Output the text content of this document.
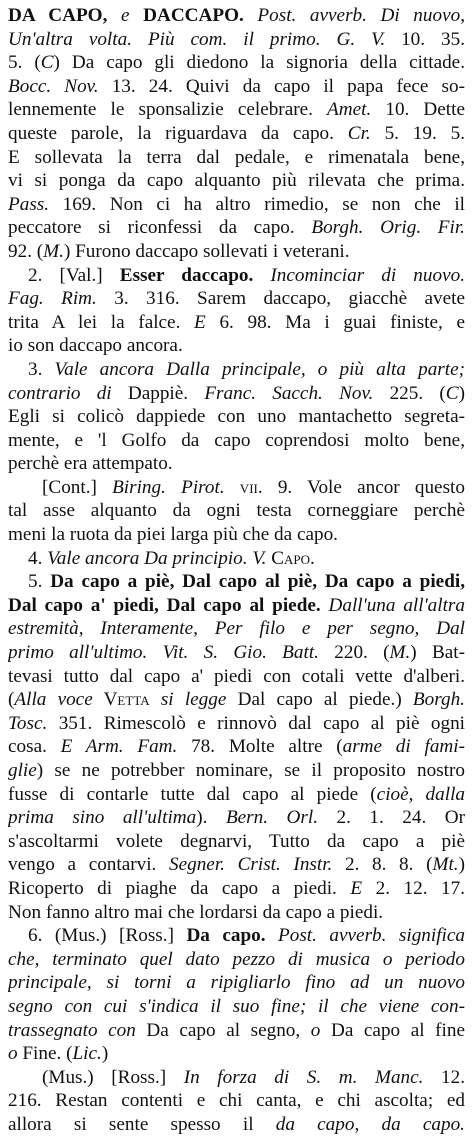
DA CAPO, e DACCAPO. Post. avverb. Di nuovo,
Un'altra volta. Più com. il primo. G. V. 10. 35.
5. (C) Da capo gli diedono la signoria della cittade.
Bocc. Nov. 13. 24. Quivi da capo il papa fece so-
lennemente le sponsalizie celebrare. Amet. 10. Dette
queste parole, la riguardava da capo. Cr. 5. 19. 5.
E sollevata la terra dal pedale, e rimenatala bene,
vi si ponga da capo alquanto più rilevata che prima.
Pass. 169. Non ci ha altro rimedio, se non che il
peccatore si riconfessi da capo. Borgh. Orig. Fir.
92. (M.) Furono daccapo sollevati i veterani.
2. [Val.] Esser daccapo. Incominciar di nuovo.
Fag. Rim. 3. 316. Sarem daccapo, giacchè avete
trita A lei la falce. E 6. 98. Ma i guai finiste, e
io son daccapo ancora.
3. Vale ancora Dalla principale, o più alta parte;
contrario di Dappiè. Franc. Sacch. Nov. 225. (C)
Egli si colicò dappiede con uno mantachetto segreta-
mente, e 'l Golfo da capo coprendosi molto bene,
perchè era attempato.
[Cont.] Biring. Pirot. vii. 9. Vole ancor questo
tal asse alquanto da ogni testa corneggiare perchè
meni la ruota da piei larga più che da capo.
4. Vale ancora Da principio. V. Capo.
5. Da capo a piè, Dal capo al piè, Da capo a piedi,
Dal capo a' piedi, Dal capo al piede. Dall'una all'altra
estremità, Interamente, Per filo e per segno, Dal
primo all'ultimo. Vit. S. Gio. Batt. 220. (M.) Bat-
tevasi tutto dal capo a' piedi con cotali vette d'alberi.
(Alla voce Vetta si legge Dal capo al piede.) Borgh.
Tosc. 351. Rimescolò e rinnovò dal capo al piè ogni
cosa. E Arm. Fam. 78. Molte altre (arme di fami-
glie) se ne potrebber nominare, se il proposito nostro
fusse di contarle tutte dal capo al piede (cioè, dalla
prima sino all'ultima). Bern. Orl. 2. 1. 24. Or
s'ascoltarmi volete degnarvi, Tutto da capo a piè
vengo a contarvi. Segner. Crist. Instr. 2. 8. 8. (Mt.)
Ricoperto di piaghe da capo a piedi. E 2. 12. 17.
Non fanno altro mai che lordarsi da capo a piedi.
6. (Mus.) [Ross.] Da capo. Post. avverb. significa
che, terminato quel dato pezzo di musica o periodo
principale, si torni a ripigliarlo fino ad un nuovo
segno con cui s'indica il suo fine; il che viene con-
trassegnato con Da capo al segno, o Da capo al fine
o Fine. (Lic.)
(Mus.) [Ross.] In forza di S. m. Manc. 12.
216. Restan contenti e chi canta, e chi ascolta; ed
allora si sente spesso il da capo, da capo.
